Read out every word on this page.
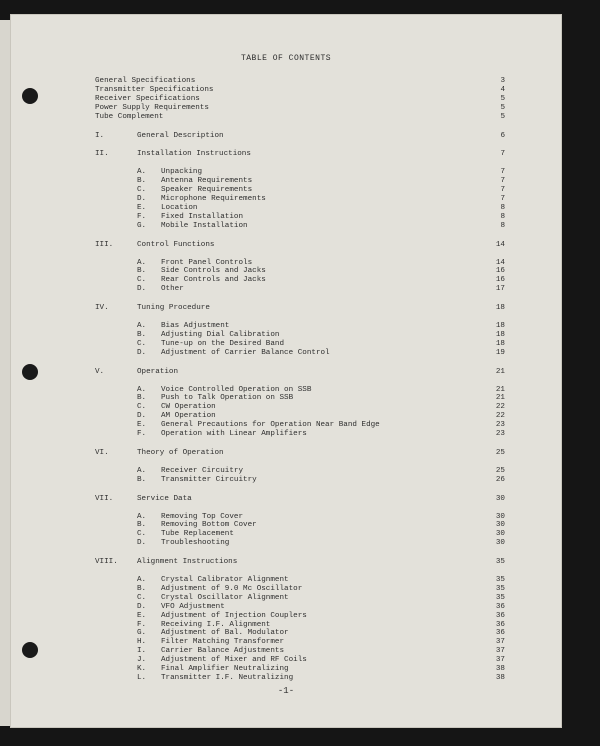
TABLE OF CONTENTS
General Specifications	3
Transmitter Specifications	4
Receiver Specifications	5
Power Supply Requirements	5
Tube Complement	5
I.	General Description	6
II.	Installation Instructions	7
A. Unpacking	7
B. Antenna Requirements	7
C. Speaker Requirements	7
D. Microphone Requirements	7
E. Location	8
F. Fixed Installation	8
G. Mobile Installation	8
III.	Control Functions	14
A. Front Panel Controls	14
B. Side Controls and Jacks	16
C. Rear Controls and Jacks	16
D. Other	17
IV.	Tuning Procedure	18
A. Bias Adjustment	18
B. Adjusting Dial Calibration	18
C. Tune-up on the Desired Band	18
D. Adjustment of Carrier Balance Control	19
V.	Operation	21
A. Voice Controlled Operation on SSB	21
B. Push to Talk Operation on SSB	21
C. CW Operation	22
D. AM Operation	22
E. General Precautions for Operation Near Band Edge	23
F. Operation with Linear Amplifiers	23
VI.	Theory of Operation	25
A. Receiver Circuitry	25
B. Transmitter Circuitry	26
VII.	Service Data	30
A. Removing Top Cover	30
B. Removing Bottom Cover	30
C. Tube Replacement	30
D. Troubleshooting	30
VIII.	Alignment Instructions	35
A. Crystal Calibrator Alignment	35
B. Adjustment of 9.0 Mc Oscillator	35
C. Crystal Oscillator Alignment	35
D. VFO Adjustment	36
E. Adjustment of Injection Couplers	36
F. Receiving I.F. Alignment	36
G. Adjustment of Bal. Modulator	36
H. Filter Matching Transformer	37
I. Carrier Balance Adjustments	37
J. Adjustment of Mixer and RF Coils	37
K. Final Amplifier Neutralizing	38
L. Transmitter I.F. Neutralizing	38
-1-
